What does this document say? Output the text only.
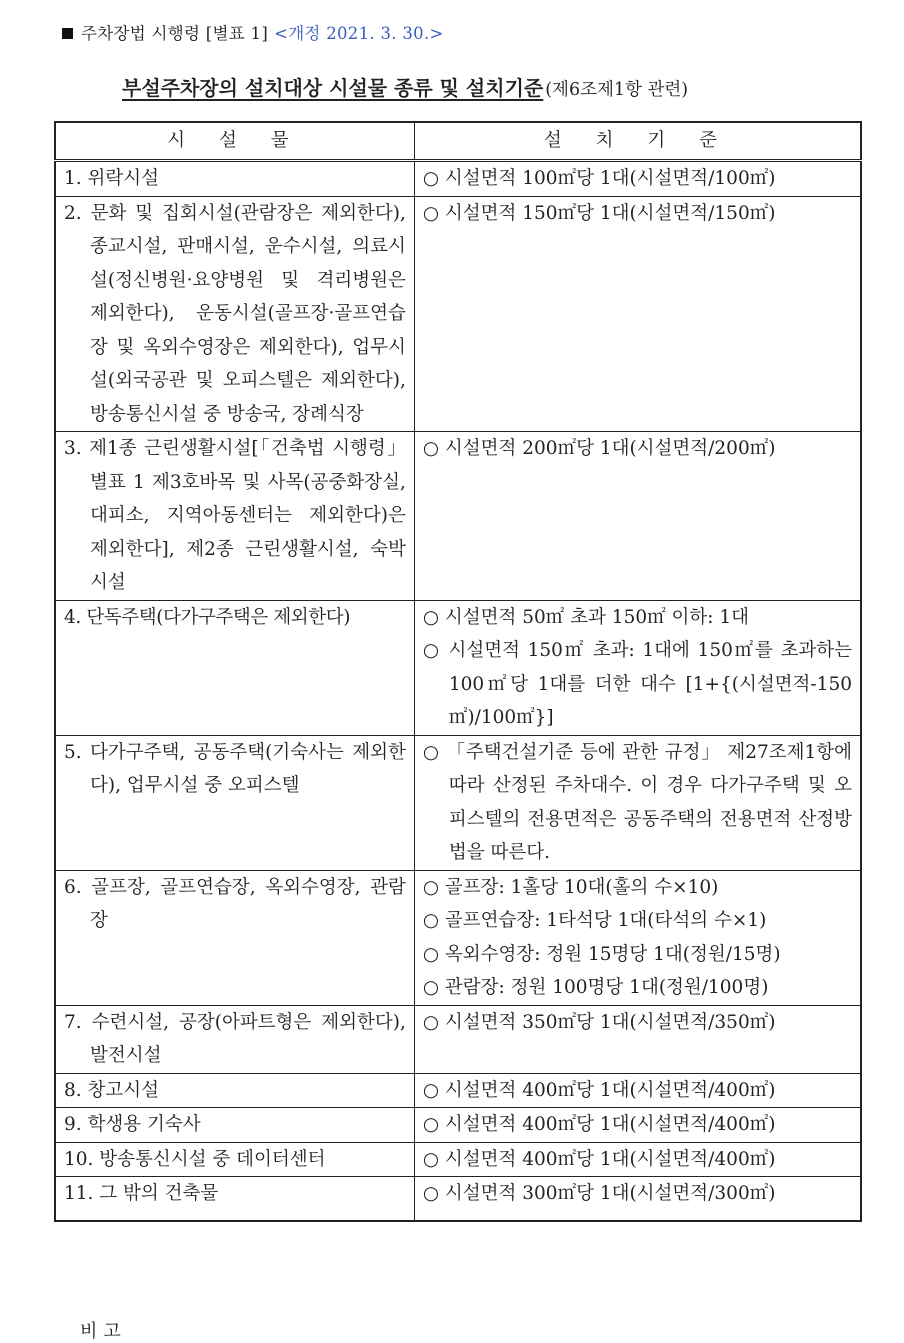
주차장법 시행령 [별표 1] <개정 2021. 3. 30.>
부설주차장의 설치대상 시설물 종류 및 설치기준 (제6조제1항 관련)
시 설 물	설 치 기 준

1. 위락시설	○ 시설면적 100㎡당 1대(시설면적/100㎡)

2. 문화 및 집회시설(관람장은 제외한다), 종교시설, 판매시설, 운수시설, 의료시설(정신병원·요양병원 및 격리병원은 제외한다), 운동시설(골프장·골프연습장 및 옥외수영장은 제외한다), 업무시설(외국공관 및 오피스텔은 제외한다), 방송통신시설 중 방송국, 장례식장	○ 시설면적 150㎡당 1대(시설면적/150㎡)

3. 제1종 근린생활시설[「건축법 시행령」 별표 1 제3호바목 및 사목(공중화장실, 대피소, 지역아동센터는 제외한다)은 제외한다], 제2종 근린생활시설, 숙박시설	○ 시설면적 200㎡당 1대(시설면적/200㎡)

4. 단독주택(다가구주택은 제외한다)	○ 시설면적 50㎡ 초과 150㎡ 이하: 1대
○ 시설면적 150㎡ 초과: 1대에 150㎡를 초과하는 100㎡당 1대를 더한 대수 [1+{(시설면적-150㎡)/100㎡}]

5. 다가구주택, 공동주택(기숙사는 제외한다), 업무시설 중 오피스텔	○ 「주택건설기준 등에 관한 규정」 제27조제1항에 따라 산정된 주차대수. 이 경우 다가구주택 및 오피스텔의 전용면적은 공동주택의 전용면적 산정방법을 따른다.

6. 골프장, 골프연습장, 옥외수영장, 관람장	○ 골프장: 1홀당 10대(홀의 수×10)
○ 골프연습장: 1타석당 1대(타석의 수×1)
○ 옥외수영장: 정원 15명당 1대(정원/15명)
○ 관람장: 정원 100명당 1대(정원/100명)

7. 수련시설, 공장(아파트형은 제외한다), 발전시설	○ 시설면적 350㎡당 1대(시설면적/350㎡)

8. 창고시설	○ 시설면적 400㎡당 1대(시설면적/400㎡)

9. 학생용 기숙사	○ 시설면적 400㎡당 1대(시설면적/400㎡)

10. 방송통신시설 중 데이터센터	○ 시설면적 400㎡당 1대(시설면적/400㎡)

11. 그 밖의 건축물	○ 시설면적 300㎡당 1대(시설면적/300㎡)
비고
